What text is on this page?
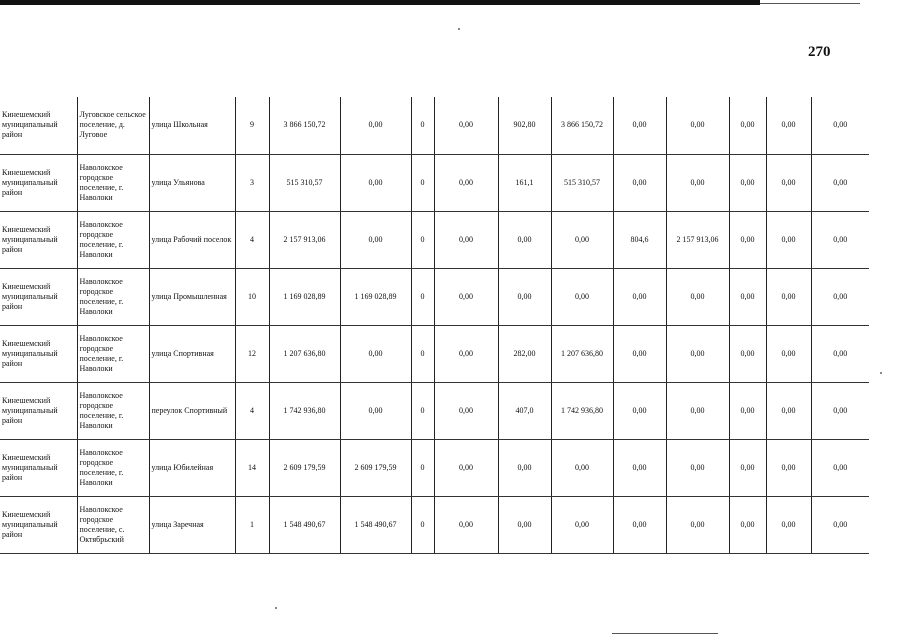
270
Кинешемский муниципальный район	Луговское сельское поселение, д. Луговое	улица Школьная	9	3 866 150,72	0,00	0	0,00	902,80	3 866 150,72	0,00	0,00	0,00	0,00	0,00
Кинешемский муниципальный район	Наволокское городское поселение, г. Наволоки	улица Ульянова	3	515 310,57	0,00	0	0,00	161,1	515 310,57	0,00	0,00	0,00	0,00	0,00
Кинешемский муниципальный район	Наволокское городское поселение, г. Наволоки	улица Рабочий поселок	4	2 157 913,06	0,00	0	0,00	0,00	0,00	804,6	2 157 913,06	0,00	0,00	0,00
Кинешемский муниципальный район	Наволокское городское поселение, г. Наволоки	улица Промышленная	10	1 169 028,89	1 169 028,89	0	0,00	0,00	0,00	0,00	0,00	0,00	0,00	0,00
Кинешемский муниципальный район	Наволокское городское поселение, г. Наволоки	улица Спортивная	12	1 207 636,80	0,00	0	0,00	282,00	1 207 636,80	0,00	0,00	0,00	0,00	0,00
Кинешемский муниципальный район	Наволокское городское поселение, г. Наволоки	переулок Спортивный	4	1 742 936,80	0,00	0	0,00	407,0	1 742 936,80	0,00	0,00	0,00	0,00	0,00
Кинешемский муниципальный район	Наволокское городское поселение, г. Наволоки	улица Юбилейная	14	2 609 179,59	2 609 179,59	0	0,00	0,00	0,00	0,00	0,00	0,00	0,00	0,00
Кинешемский муниципальный район	Наволокское городское поселение, с. Октябрьский	улица Заречная	1	1 548 490,67	1 548 490,67	0	0,00	0,00	0,00	0,00	0,00	0,00	0,00	0,00
